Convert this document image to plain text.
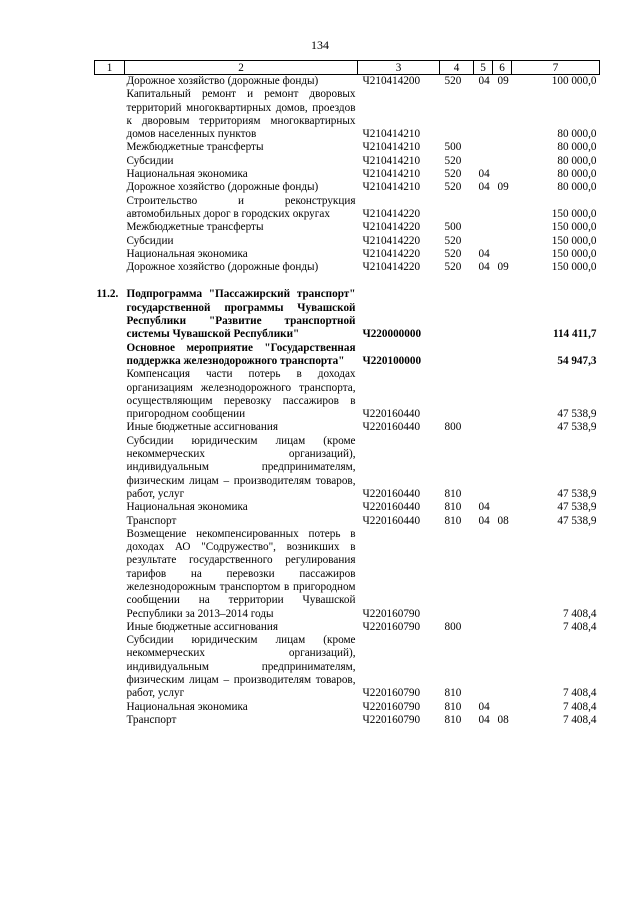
134
1	2	3	4	5	6	7
	Дорожное хозяйство (дорожные фонды)	Ч210414200	520	04	09	100 000,0
	Капитальный ремонт и ремонт дворовых территорий многоквартирных домов, проездов к дворовым территориям многоквартирных домов населенных пунктов	Ч210414210				80 000,0
	Межбюджетные трансферты	Ч210414210	500			80 000,0
	Субсидии	Ч210414210	520			80 000,0
	Национальная экономика	Ч210414210	520	04		80 000,0
	Дорожное хозяйство (дорожные фонды)	Ч210414210	520	04	09	80 000,0
	Строительство и реконструкция автомобильных дорог в городских округах	Ч210414220				150 000,0
	Межбюджетные трансферты	Ч210414220	500			150 000,0
	Субсидии	Ч210414220	520			150 000,0
	Национальная экономика	Ч210414220	520	04		150 000,0
	Дорожное хозяйство (дорожные фонды)	Ч210414220	520	04	09	150 000,0

11.2.	Подпрограмма "Пассажирский транспорт" государственной программы Чувашской Республики "Развитие транспортной системы Чувашской Республики"	Ч220000000				114 411,7
	Основное мероприятие "Государственная поддержка железнодорожного транспорта"	Ч220100000				54 947,3
	Компенсация части потерь в доходах организациям железнодорожного транспорта, осуществляющим перевозку пассажиров в пригородном сообщении	Ч220160440				47 538,9
	Иные бюджетные ассигнования	Ч220160440	800			47 538,9
	Субсидии юридическим лицам (кроме некоммерческих организаций), индивидуальным предпринимателям, физическим лицам – производителям товаров, работ, услуг	Ч220160440	810			47 538,9
	Национальная экономика	Ч220160440	810	04		47 538,9
	Транспорт	Ч220160440	810	04	08	47 538,9
	Возмещение некомпенсированных потерь в доходах АО "Содружество", возникших в результате государственного регулирования тарифов на перевозки пассажиров железнодорожным транспортом в пригородном сообщении на территории Чувашской Республики за 2013–2014 годы	Ч220160790				7 408,4
	Иные бюджетные ассигнования	Ч220160790	800			7 408,4
	Субсидии юридическим лицам (кроме некоммерческих организаций), индивидуальным предпринимателям, физическим лицам – производителям товаров, работ, услуг	Ч220160790	810			7 408,4
	Национальная экономика	Ч220160790	810	04		7 408,4
	Транспорт	Ч220160790	810	04	08	7 408,4
